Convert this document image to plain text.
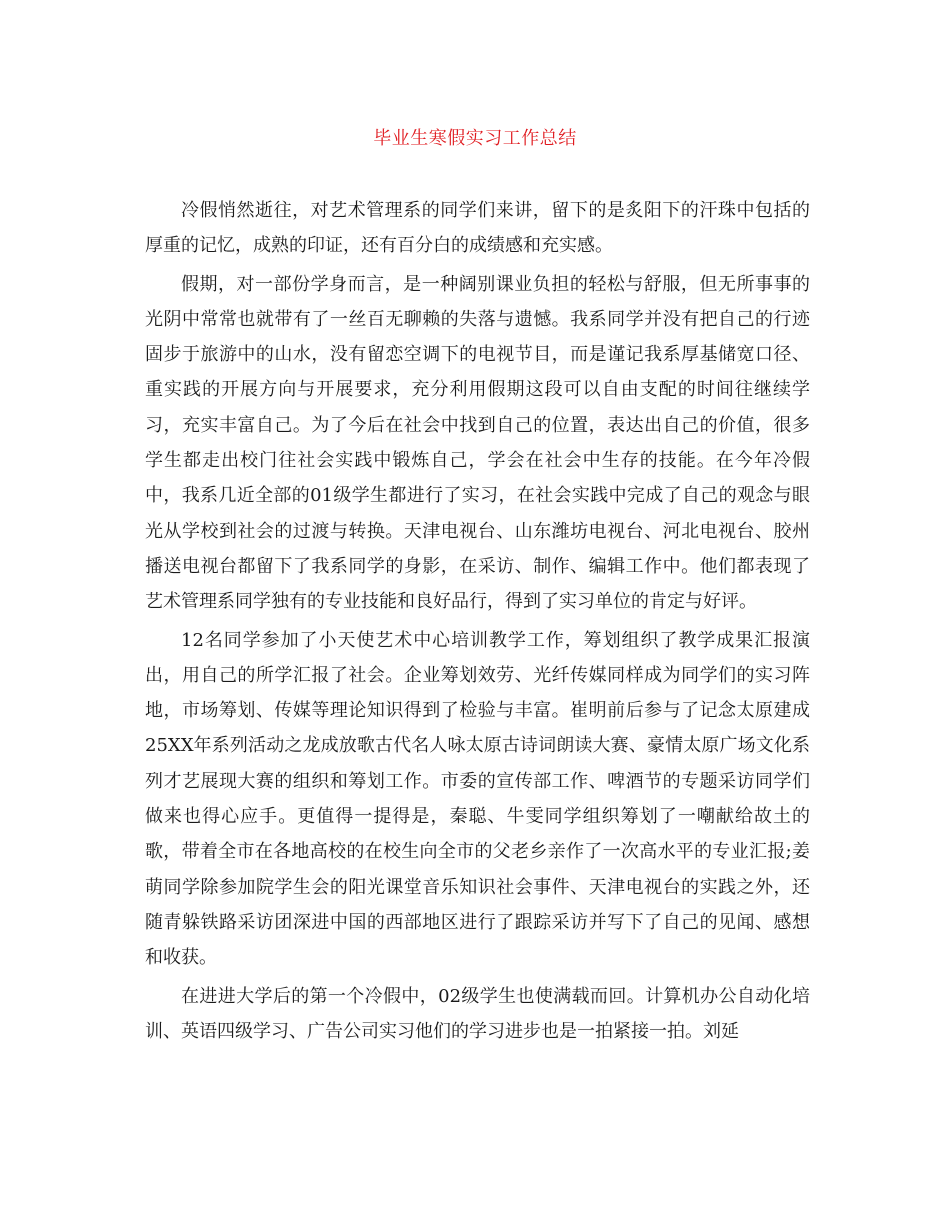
毕业生寒假实习工作总结

冷假悄然逝往，对艺术管理系的同学们来讲，留下的是炙阳下的汗珠中包括的厚重的记忆，成熟的印证，还有百分白的成绩感和充实感。

假期，对一部份学身而言，是一种阔别课业负担的轻松与舒服，但无所事事的光阴中常常也就带有了一丝百无聊赖的失落与遗憾。我系同学并没有把自己的行迹固步于旅游中的山水，没有留恋空调下的电视节目，而是谨记我系厚基储宽口径、重实践的开展方向与开展要求，充分利用假期这段可以自由支配的时间往继续学习，充实丰富自己。为了今后在社会中找到自己的位置，表达出自己的价值，很多学生都走出校门往社会实践中锻炼自己，学会在社会中生存的技能。在今年冷假中，我系几近全部的01级学生都进行了实习，在社会实践中完成了自己的观念与眼光从学校到社会的过渡与转换。天津电视台、山东潍坊电视台、河北电视台、胶州播送电视台都留下了我系同学的身影，在采访、制作、编辑工作中。他们都表现了艺术管理系同学独有的专业技能和良好品行，得到了实习单位的肯定与好评。

12名同学参加了小天使艺术中心培训教学工作，筹划组织了教学成果汇报演出，用自己的所学汇报了社会。企业筹划效劳、光纤传媒同样成为同学们的实习阵地，市场筹划、传媒等理论知识得到了检验与丰富。崔明前后参与了记念太原建成25XX年系列活动之龙成放歌古代名人咏太原古诗词朗读大赛、豪情太原广场文化系列才艺展现大赛的组织和筹划工作。市委的宣传部工作、啤酒节的专题采访同学们做来也得心应手。更值得一提得是，秦聪、牛雯同学组织筹划了一嘲献给故土的歌，带着全市在各地高校的在校生向全市的父老乡亲作了一次高水平的专业汇报;姜萌同学除参加院学生会的阳光课堂音乐知识社会事件、天津电视台的实践之外，还随青躲铁路采访团深进中国的西部地区进行了跟踪采访并写下了自己的见闻、感想和收获。

在进进大学后的第一个冷假中，02级学生也使满载而回。计算机办公自动化培训、英语四级学习、广告公司实习他们的学习进步也是一拍紧接一拍。刘延
